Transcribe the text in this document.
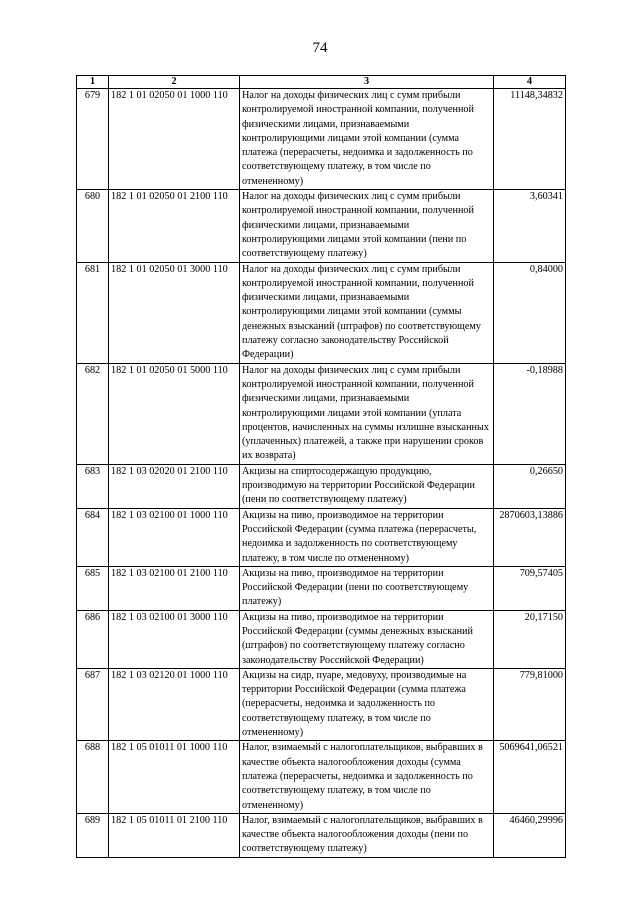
74
1	2	3	4
679	182 1 01 02050 01 1000 110	Налог на доходы физических лиц с сумм прибыли контролируемой иностранной компании, полученной физическими лицами, признаваемыми контролирующими лицами этой компании (сумма платежа (перерасчеты, недоимка и задолженность по соответствующему платежу, в том числе по отмененному)	11148,34832
680	182 1 01 02050 01 2100 110	Налог на доходы физических лиц с сумм прибыли контролируемой иностранной компании, полученной физическими лицами, признаваемыми контролирующими лицами этой компании (пени по соответствующему платежу)	3,60341
681	182 1 01 02050 01 3000 110	Налог на доходы физических лиц с сумм прибыли контролируемой иностранной компании, полученной физическими лицами, признаваемыми контролирующими лицами этой компании (суммы денежных взысканий (штрафов) по соответствующему платежу согласно законодательству Российской Федерации)	0,84000
682	182 1 01 02050 01 5000 110	Налог на доходы физических лиц с сумм прибыли контролируемой иностранной компании, полученной физическими лицами, признаваемыми контролирующими лицами этой компании (уплата процентов, начисленных на суммы излишне взысканных (уплаченных) платежей, а также при нарушении сроков их возврата)	-0,18988
683	182 1 03 02020 01 2100 110	Акцизы на спиртосодержащую продукцию, производимую на территории Российской Федерации (пени по соответствующему платежу)	0,26650
684	182 1 03 02100 01 1000 110	Акцизы на пиво, производимое на территории Российской Федерации (сумма платежа (перерасчеты, недоимка и задолженность по соответствующему платежу, в том числе по отмененному)	2870603,13886
685	182 1 03 02100 01 2100 110	Акцизы на пиво, производимое на территории Российской Федерации (пени по соответствующему платежу)	709,57405
686	182 1 03 02100 01 3000 110	Акцизы на пиво, производимое на территории Российской Федерации (суммы денежных взысканий (штрафов) по соответствующему платежу согласно законодательству Российской Федерации)	20,17150
687	182 1 03 02120 01 1000 110	Акцизы на сидр, пуаре, медовуху, производимые на территории Российской Федерации (сумма платежа (перерасчеты, недоимка и задолженность по соответствующему платежу, в том числе по отмененному)	779,81000
688	182 1 05 01011 01 1000 110	Налог, взимаемый с налогоплательщиков, выбравших в качестве объекта налогообложения доходы (сумма платежа (перерасчеты, недоимка и задолженность по соответствующему платежу, в том числе по отмененному)	5069641,06521
689	182 1 05 01011 01 2100 110	Налог, взимаемый с налогоплательщиков, выбравших в качестве объекта налогообложения доходы (пени по соответствующему платежу)	46460,29996
